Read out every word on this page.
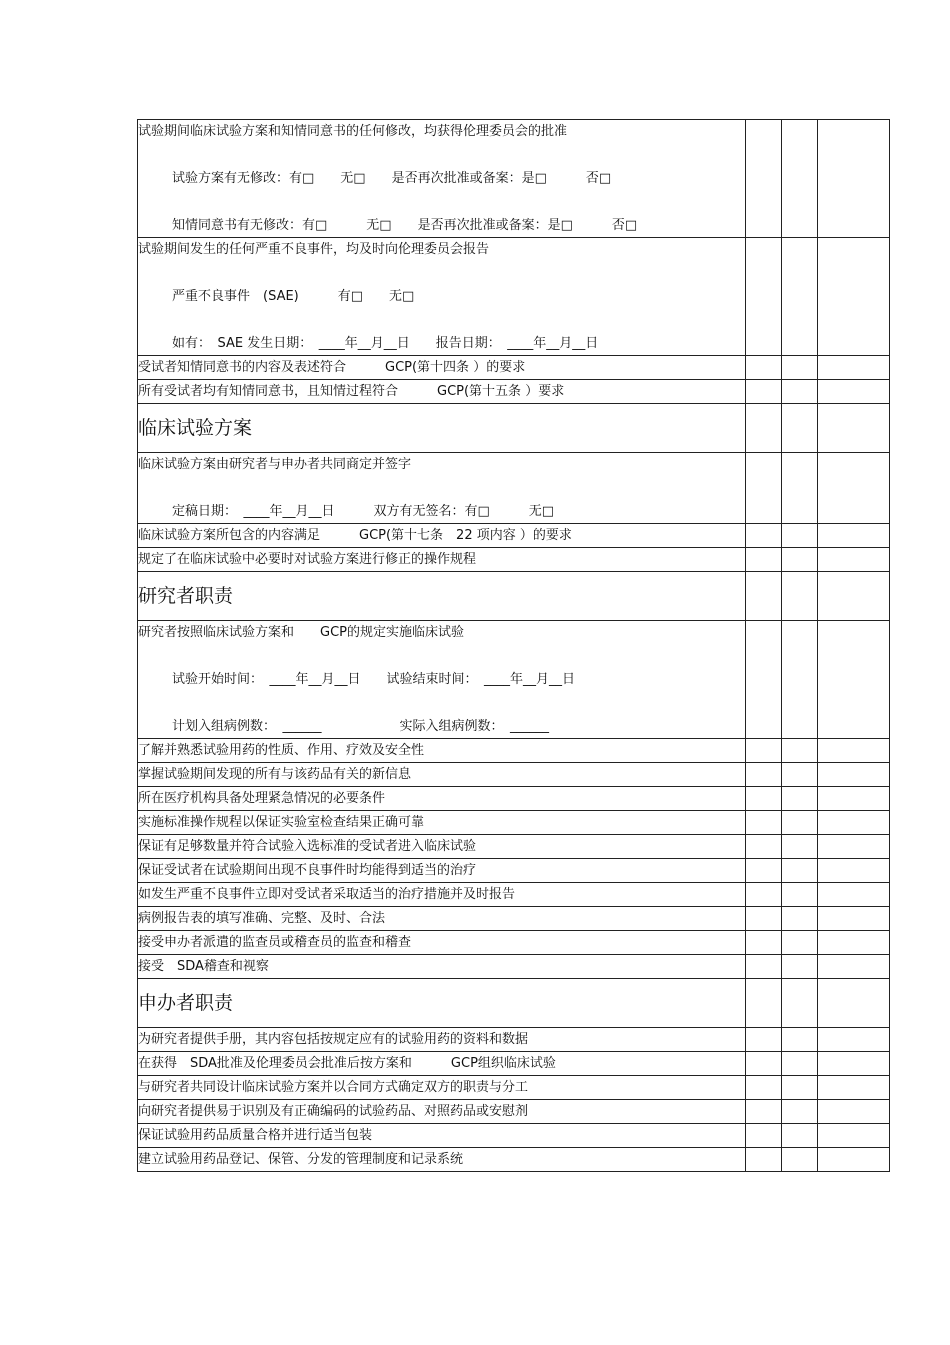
试验期间临床试验方案和知情同意书的任何修改，均获得伦理委员会的批准
试验方案有无修改：有□　　无□　　是否再次批准或备案：是□　　　否□
知情同意书有无修改：有□　　　无□　　是否再次批准或备案：是□　　　否□			

试验期间发生的任何严重不良事件，均及时向伦理委员会报告
严重不良事件　(SAE)　　　有□　　无□
如有：　SAE 发生日期：　____年__月__日　　报告日期：　____年__月__日			

受试者知情同意书的内容及表述符合　　　GCP(第十四条 ）的要求			

所有受试者均有知情同意书，且知情过程符合　　　GCP(第十五条 ）要求			

临床试验方案			

临床试验方案由研究者与申办者共同商定并签字
定稿日期：　____年__月__日　　　双方有无签名：有□　　　无□			

临床试验方案所包含的内容满足　　　GCP(第十七条　22 项内容 ）的要求			

规定了在临床试验中必要时对试验方案进行修正的操作规程			

研究者职责			

研究者按照临床试验方案和　　GCP的规定实施临床试验
试验开始时间：　____年__月__日　　试验结束时间：　____年__月__日
计划入组病例数：　______　　　　　　实际入组病例数：　______			

了解并熟悉试验用药的性质、作用、疗效及安全性			

掌握试验期间发现的所有与该药品有关的新信息			

所在医疗机构具备处理紧急情况的必要条件			

实施标准操作规程以保证实验室检查结果正确可靠			

保证有足够数量并符合试验入选标准的受试者进入临床试验			

保证受试者在试验期间出现不良事件时均能得到适当的治疗			

如发生严重不良事件立即对受试者采取适当的治疗措施并及时报告			

病例报告表的填写准确、完整、及时、合法			

接受申办者派遣的监查员或稽查员的监查和稽查			

接受　SDA稽查和视察			

申办者职责			

为研究者提供手册，其内容包括按规定应有的试验用药的资料和数据			

在获得　SDA批准及伦理委员会批准后按方案和　　　GCP组织临床试验			

与研究者共同设计临床试验方案并以合同方式确定双方的职责与分工			

向研究者提供易于识别及有正确编码的试验药品、对照药品或安慰剂			

保证试验用药品质量合格并进行适当包装			

建立试验用药品登记、保管、分发的管理制度和记录系统			
